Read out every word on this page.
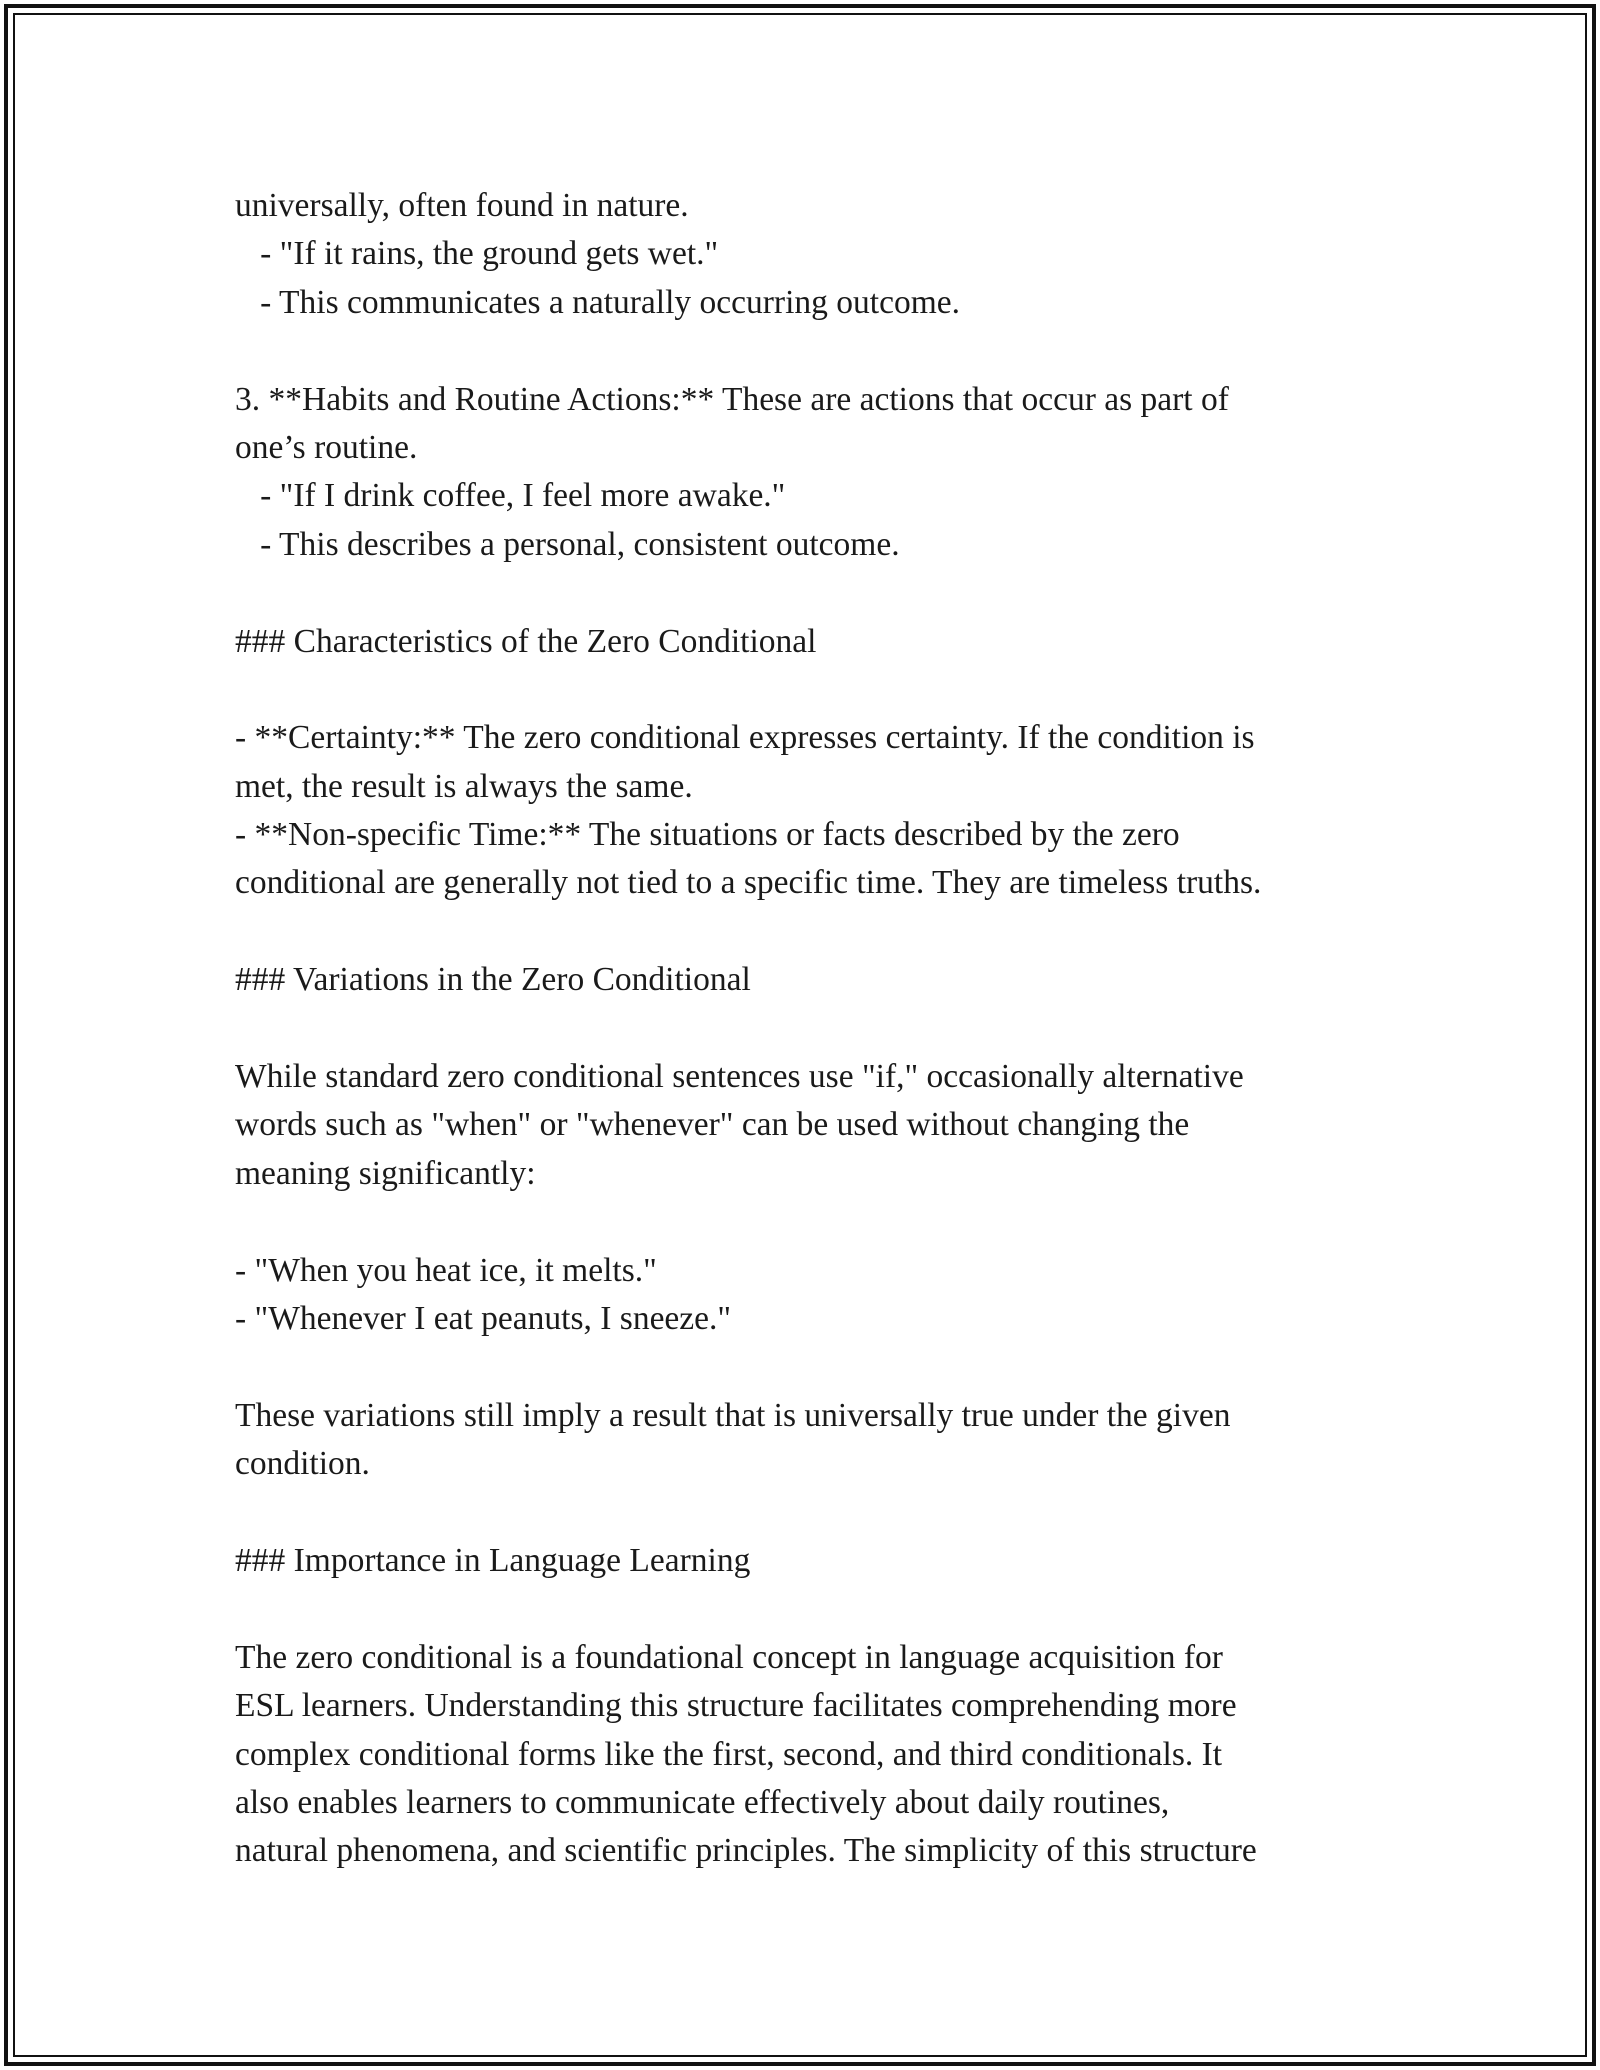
universally, often found in nature.
- "If it rains, the ground gets wet."
- This communicates a naturally occurring outcome.
3. **Habits and Routine Actions:** These are actions that occur as part of
one’s routine.
- "If I drink coffee, I feel more awake."
- This describes a personal, consistent outcome.
### Characteristics of the Zero Conditional
- **Certainty:** The zero conditional expresses certainty. If the condition is
met, the result is always the same.
- **Non-specific Time:** The situations or facts described by the zero
conditional are generally not tied to a specific time. They are timeless truths.
### Variations in the Zero Conditional
While standard zero conditional sentences use "if," occasionally alternative
words such as "when" or "whenever" can be used without changing the
meaning significantly:
- "When you heat ice, it melts."
- "Whenever I eat peanuts, I sneeze."
These variations still imply a result that is universally true under the given
condition.
### Importance in Language Learning
The zero conditional is a foundational concept in language acquisition for
ESL learners. Understanding this structure facilitates comprehending more
complex conditional forms like the first, second, and third conditionals. It
also enables learners to communicate effectively about daily routines,
natural phenomena, and scientific principles. The simplicity of this structure
